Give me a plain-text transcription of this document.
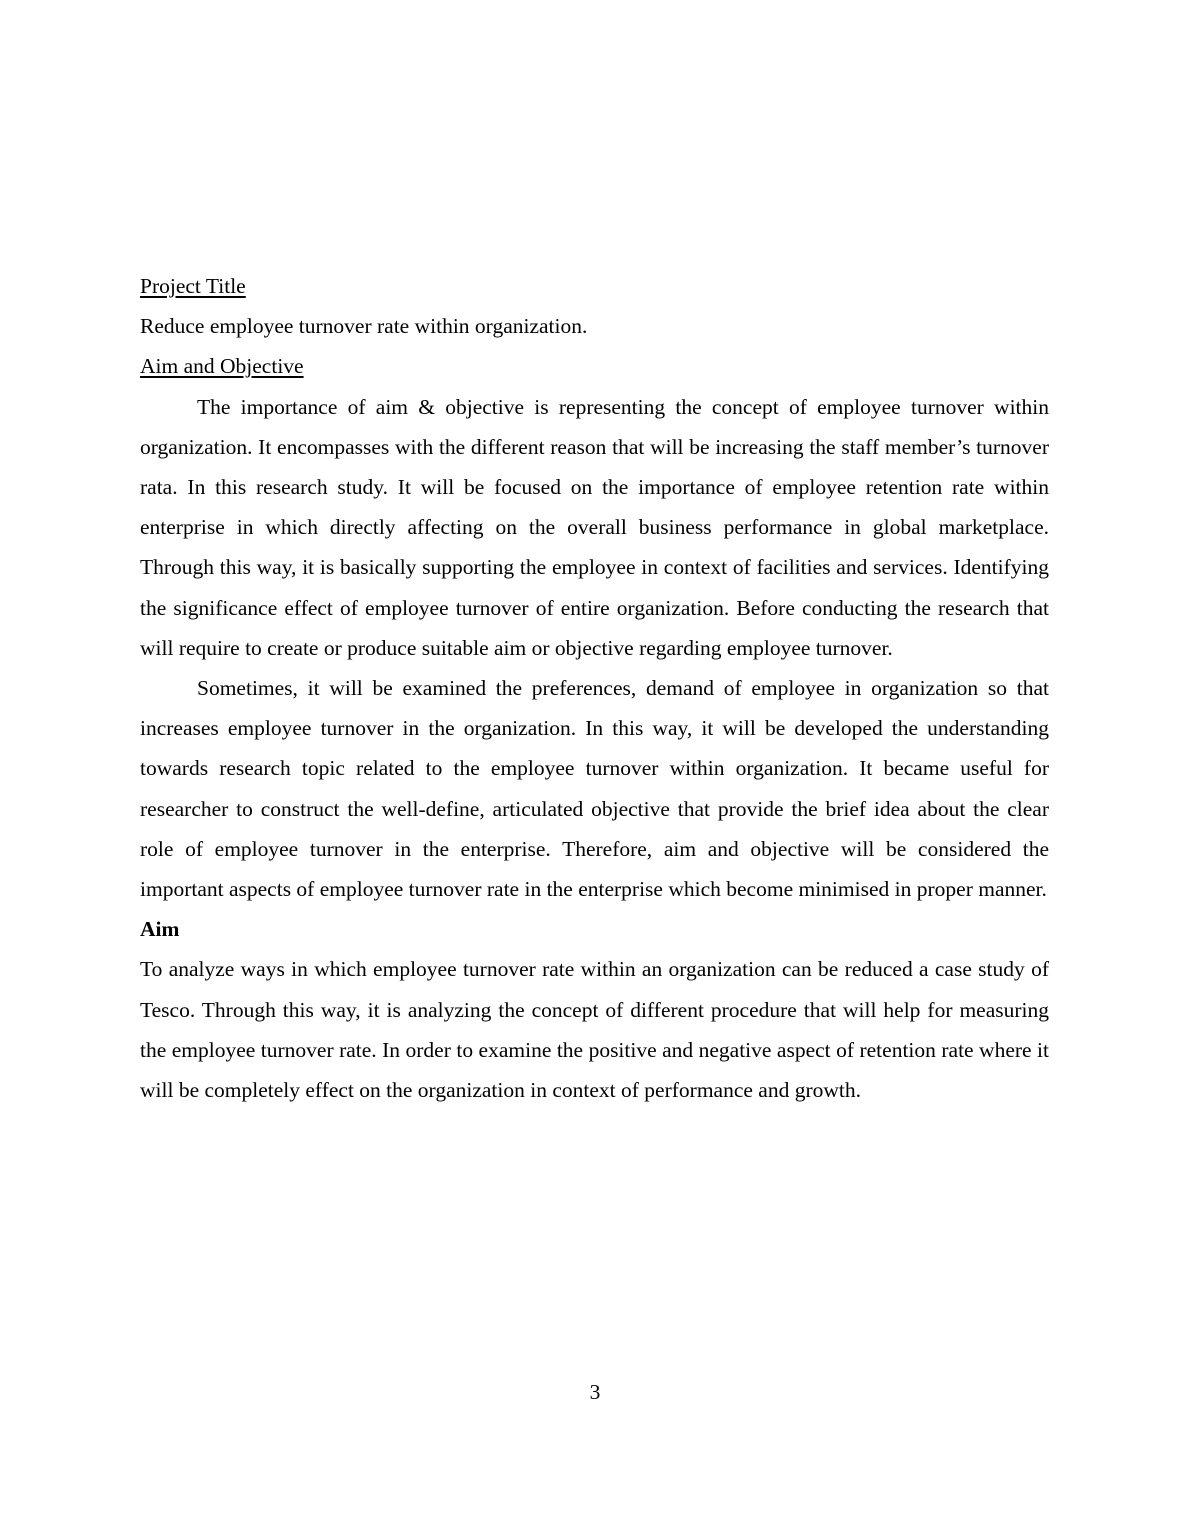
Project Title

Reduce employee turnover rate within organization.

Aim and Objective

The importance of aim & objective is representing the concept of employee turnover within organization. It encompasses with the different reason that will be increasing the staff member’s turnover rata. In this research study. It will be focused on the importance of employee retention rate within enterprise in which directly affecting on the overall business performance in global marketplace. Through this way, it is basically supporting the employee in context of facilities and services. Identifying the significance effect of employee turnover of entire organization. Before conducting the research that will require to create or produce suitable aim or objective regarding employee turnover.

Sometimes, it will be examined the preferences, demand of employee in organization so that increases employee turnover in the organization. In this way, it will be developed the understanding towards research topic related to the employee turnover within organization. It became useful for researcher to construct the well-define, articulated objective that provide the brief idea about the clear role of employee turnover in the enterprise. Therefore, aim and objective will be considered the important aspects of employee turnover rate in the enterprise which become minimised in proper manner.

Aim

To analyze ways in which employee turnover rate within an organization can be reduced a case study of Tesco. Through this way, it is analyzing the concept of different procedure that will help for measuring the employee turnover rate. In order to examine the positive and negative aspect of retention rate where it will be completely effect on the organization in context of performance and growth.

3
